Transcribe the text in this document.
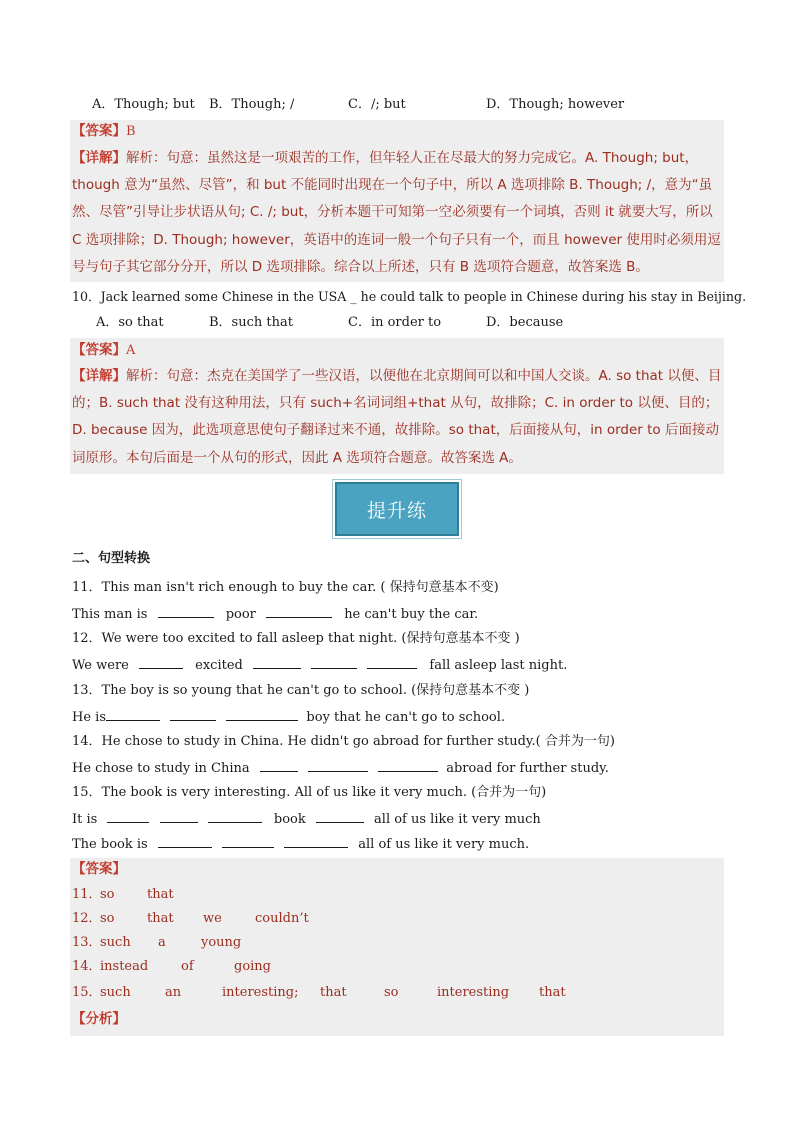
A．Though; but B．Though; /	C．/; but	D．Though; however
【答案】B
【详解】解析：句意：虽然这是一项艰苦的工作，但年轻人正在尽最大的努力完成它。A. Though; but，though 意为“虽然、尽管”，和 but 不能同时出现在一个句子中，所以 A 选项排除 B. Though; /，意为“虽然、尽管”引导让步状语从句; C. /; but，分析本题干可知第一空必须要有一个词填，否则 it 就要大写，所以 C 选项排除；D. Though; however，英语中的连词一般一个句子只有一个，而且 however 使用时必须用逗号与句子其它部分分开，所以 D 选项排除。综合以上所述，只有 B 选项符合题意，故答案选 B。
10．Jack learned some Chinese in the USA _ he could talk to people in Chinese during his stay in Beijing.
A．so that	B．such that	C．in order to	D．because
【答案】A
【详解】解析：句意：杰克在美国学了一些汉语，以便他在北京期间可以和中国人交谈。A. so that 以便、目的；B. such that 没有这种用法，只有 such+名词词组+that 从句，故排除；C. in order to 以便、目的；D. because 因为，此选项意思使句子翻译过来不通，故排除。so that，后面接从句，in order to 后面接动词原形。本句后面是一个从句的形式，因此 A 选项符合题意。故答案选 A。
提升练
二、句型转换
11．This man isn't rich enough to buy the car. ( 保持句意基本不变)
This man is	poor	he can't buy the car.
12．We were too excited to fall asleep that night. (保持句意基本不变 )
We were	excited	fall asleep last night.
13．The boy is so young that he can't go to school. (保持句意基本不变 )
He is	boy that he can't go to school.
14．He chose to study in China. He didn't go abroad for further study.( 合并为一句)
He chose to study in China	abroad for further study.
15．The book is very interesting. All of us like it very much. (合并为一句)
It is	book	all of us like it very much
The book is	all of us like it very much.
【答案】
11．
so	that
12．
so	that we	couldn’t
13．
such a	young
14．
instead	of	going
15．
such	an	interesting; that	so	interesting that
【分析】
